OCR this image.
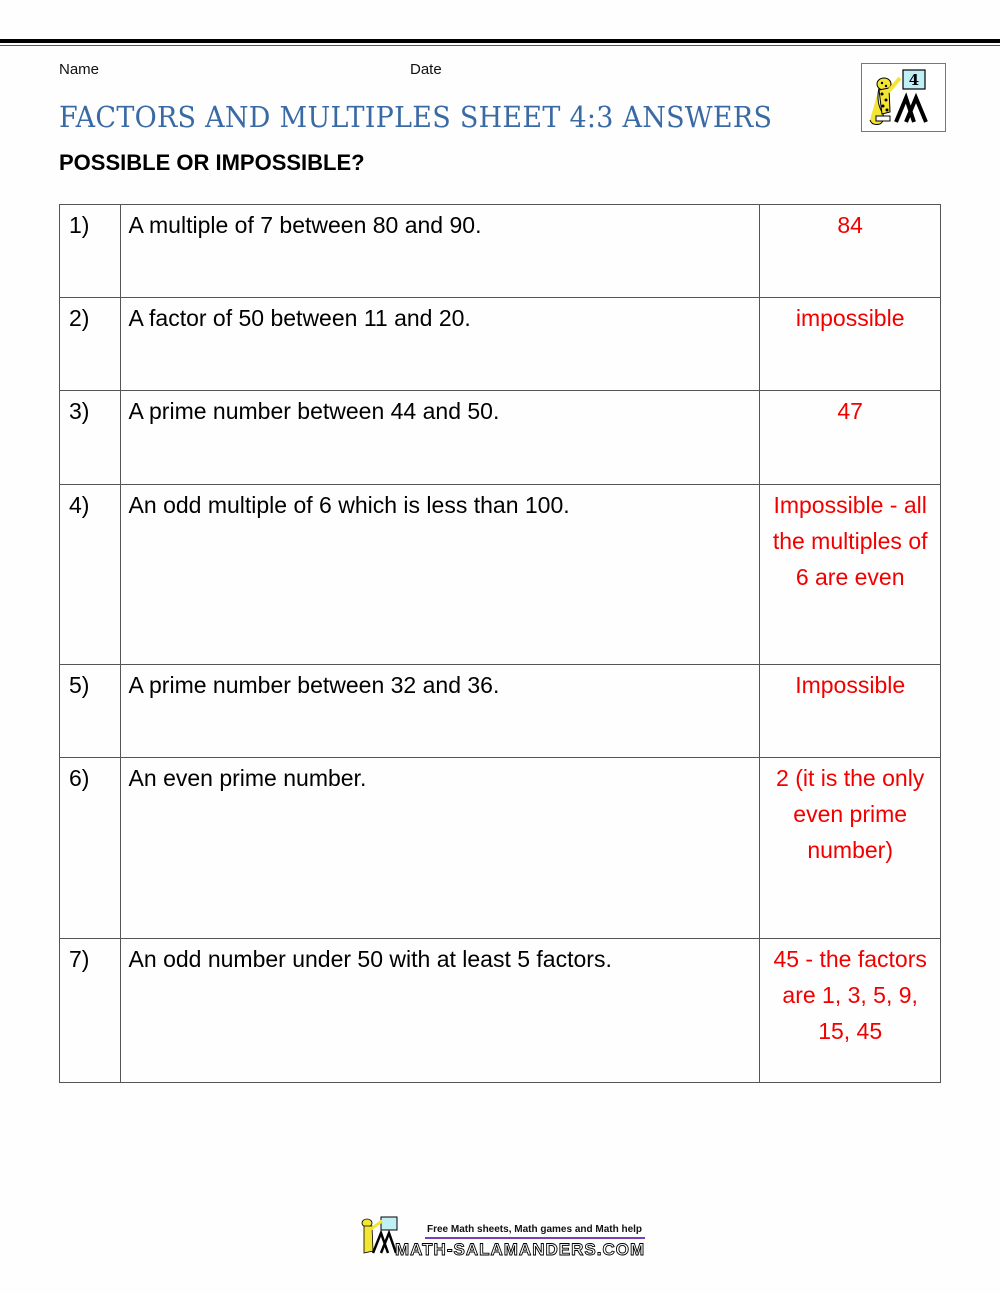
Name	Date
4
FACTORS AND MULTIPLES SHEET 4:3 ANSWERS
POSSIBLE OR IMPOSSIBLE?
1)	A multiple of 7 between 80 and 90.	84
2)	A factor of 50 between 11 and 20.	impossible
3)	A prime number between 44 and 50.	47
4)	An odd multiple of 6 which is less than 100.	Impossible - all the multiples of 6 are even
5)	A prime number between 32 and 36.	Impossible
6)	An even prime number.	2 (it is the only even prime number)
7)	An odd number under 50 with at least 5 factors.	45 - the factors are 1, 3, 5, 9, 15, 45
Free Math sheets, Math games and Math help
MATH-SALAMANDERS.COM
